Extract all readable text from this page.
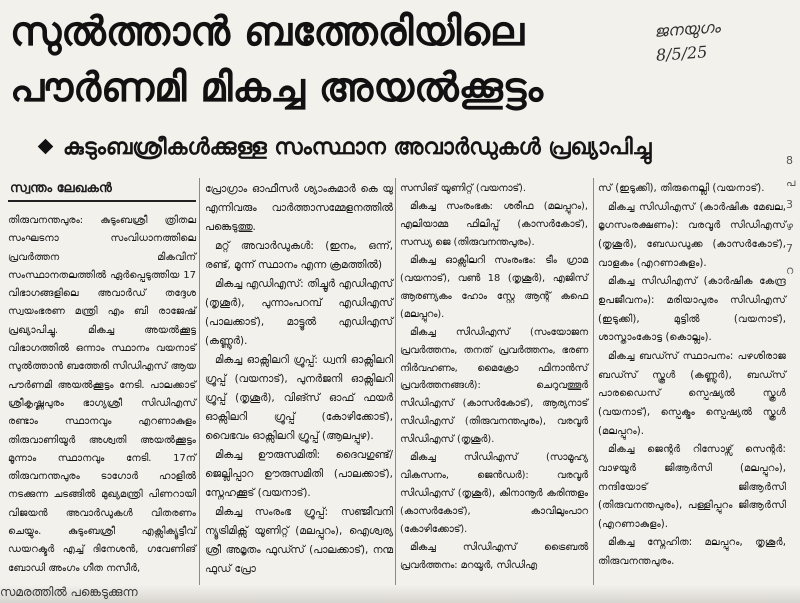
സുൽത്താൻ ബത്തേരിയിലെ
പൗർണമി മികച്ച അയൽക്കൂട്ടം
ജനയുഗം
8/5/25
കുടുംബശ്രീകൾക്കുള്ള സംസ്ഥാന അവാർഡുകൾ പ്രഖ്യാപിച്ചു
സ്വന്തം ലേഖകൻ

തിരുവനന്തപുരം: കുടുംബശ്രീ ത്രിതല സംഘടനാ സംവിധാനത്തിലെ പ്രവർത്തന മികവിന് സംസ്ഥാനതലത്തിൽ ഏർപ്പെടുത്തിയ 17 വിഭാഗങ്ങളിലെ അവാർഡ് തദ്ദേശ സ്വയംഭരണ മന്ത്രി എം ബി രാജേഷ് പ്രഖ്യാപിച്ചു. മികച്ച അയൽക്കൂട്ട വിഭാഗത്തിൽ ഒന്നാം സ്ഥാനം വയനാട് സുൽത്താൻ ബത്തേരി സിഡിഎസ് ആയ പൗർണമി അയൽക്കൂട്ടം നേടി. പാലക്കാട് ശ്രീകൃഷ്ണപുരം ഭാഗ്യശ്രീ സിഡിഎസ് രണ്ടാം സ്ഥാനവും എറണാകുളം തിരുവാണിയൂർ അശ്വതി അയൽക്കൂട്ടം മൂന്നാം സ്ഥാനവും നേടി. 17ന് തിരുവനന്തപുരം ടാഗോർ ഹാളിൽ നടക്കുന്ന ചടങ്ങിൽ മുഖ്യമന്ത്രി പിണറായി വിജയൻ അവാർഡുകൾ വിതരണം ചെയ്യും. കുടുംബശ്രീ എക്സിക്യൂട്ടീവ് ഡയറക്ടർ എച്ച് ദിനേശൻ, ഗവേണിങ് ബോഡി അംഗം ഗീത നസീർ,

പ്രോഗ്രാം ഓഫീസർ ശ്യാംകുമാർ കെ യു എന്നിവരും വാർത്താസമ്മേളനത്തിൽ പങ്കെടുത്തു.

മറ്റ് അവാർഡുകൾ: (ഇനം, ഒന്ന്, രണ്ട്, മൂന്ന് സ്ഥാനം എന്ന ക്രമത്തിൽ)

മികച്ച എഡിഎസ്: തിച്ചൂർ എഡിഎസ് (തൃശൂർ), പുന്നാംപറമ്പ് എഡിഎസ് (പാലക്കാട്), മാട്ടൂൽ എഡിഎസ് (കണ്ണൂർ).

മികച്ച ഓക്സിലറി ഗ്രൂപ്പ്: ധ്വനി ഓക്സിലറി ഗ്രൂപ്പ് (വയനാട്), പുനർജനി ഓക്സിലറി ഗ്രൂപ്പ് (തൃശൂർ), വിങ്സ് ഓഫ് ഫയർ ഓക്സിലറി ഗ്രൂപ്പ് (കോഴിക്കോട്), വൈഭവം ഓക്സിലറി ഗ്രൂപ്പ് (ആലപ്പുഴ).

മികച്ച ഊരുസമിതി: ദൈവഗുണ്ട്/ജെല്ലിപ്പാറ ഊരുസമിതി (പാലക്കാട്), സ്നേഹക്കൂട് (വയനാട്).

മികച്ച സംരംഭ ഗ്രൂപ്പ്: സഞ്ജീവനി ന്യൂട്രിമിക്സ് യൂണിറ്റ് (മലപ്പുറം), ഐശ്വര്യ ശ്രീ അമൃതം ഫുഡ്സ് (പാലക്കാട്), നന്മ ഫുഡ് പ്രോ

സസിങ് യൂണിറ്റ് (വയനാട്).

മികച്ച സംരംഭക: ശരീഫ (മലപ്പുറം), എലിയാമ്മ ഫിലിപ്പ് (കാസർകോട്), സന്ധ്യ ജെ (തിരുവനന്തപുരം).

മികച്ച ഓക്സിലറി സംരംഭം: ടീം ഗ്രാമ (വയനാട്), വൺ 18 (തൃശൂർ), എജിസ് ആരണ്യകം ഹോം സ്റ്റേ ആന്റ് കഫെ (മലപ്പുറം).

മികച്ച സിഡിഎസ് (സംയോജന പ്രവർത്തനം, തനത് പ്രവർത്തനം, ഭരണ നിർവഹണം, മൈക്രോ ഫിനാൻസ് പ്രവർത്തനങ്ങൾ): ചെറുവത്തൂർ സിഡിഎസ് (കാസർകോട്), ആര്യനാട് സിഡിഎസ് (തിരുവനന്തപുരം), വരവൂർ സിഡിഎസ് (തൃശൂർ).

മികച്ച സിഡിഎസ് (സാമൂഹ്യ വികസനം, ജെൻഡർ): വരവൂർ സിഡിഎസ് (തൃശൂർ), കിനാനൂർ കരിന്തളം (കാസർകോട്), കാവിലുംപാറ (കോഴിക്കോട്).

മികച്ച സിഡിഎസ് ട്രൈബൽ പ്രവർത്തനം: മറയൂർ, സിഡിഎ

സ് (ഇടുക്കി), തിരുനെല്ലി (വയനാട്).

മികച്ച സിഡിഎസ് (കാർഷിക മേഖല, മൃഗസംരക്ഷണം): വരവൂർ സിഡിഎസ് (തൃശൂർ), ബേഡഡുക്ക (കാസർകോട്), വാളകം (എറണാകുളം).

മികച്ച സിഡിഎസ് (കാർഷിക കേന്ദ്ര ഉപജീവനം): മരിയാപുരം സിഡിഎസ് (ഇടുക്കി), മുട്ടിൽ (വയനാട്), ശാസ്താംകോട്ട (കൊല്ലം).

മികച്ച ബഡ്സ് സ്ഥാപനം: പഴശിരാജ ബഡ്സ് സ്കൂൾ (കണ്ണൂർ), ബഡ്സ് പാരഡൈസ് സ്പെഷ്യൽ സ്കൂൾ (വയനാട്), സ്പെക്ട്രം സ്പെഷ്യൽ സ്കൂൾ (മലപ്പുറം).

മികച്ച ജെന്റർ റിസോഴ്സ് സെന്റർ: വാഴയൂർ ജിആർസി (മലപ്പുറം), നന്ദിയോട് ജിആർസി (തിരുവനന്തപുരം), പള്ളിപ്പുറം ജിആർസി (എറണാകുളം).

മികച്ച സ്നേഹിത: മലപ്പുറം, തൃശൂർ, തിരുവനന്തപുരം.

8 പ 3 ഴ 7 റ
സമരത്തിൽ പങ്കെടുക്കുന്ന
